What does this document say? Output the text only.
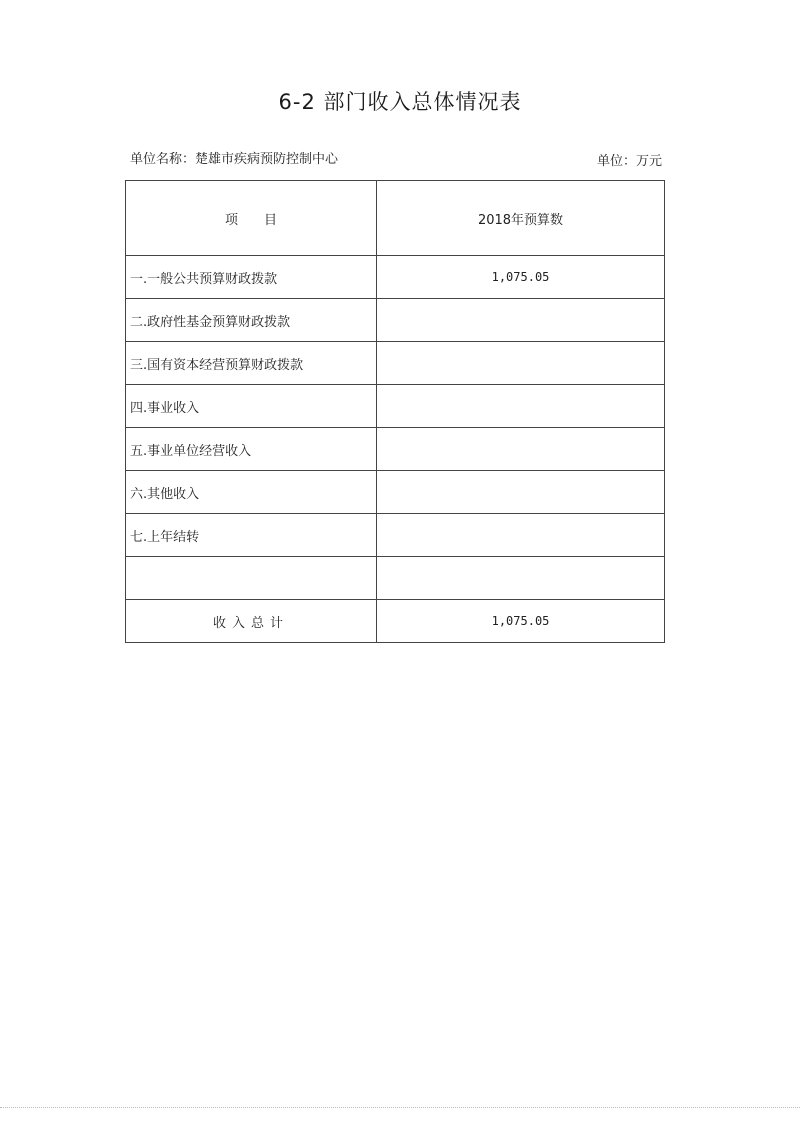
6-2 部门收入总体情况表
单位名称：楚雄市疾病预防控制中心	单位：万元
项　　目	2018年预算数
一.一般公共预算财政拨款	1,075.05
二.政府性基金预算财政拨款	
三.国有资本经营预算财政拨款	
四.事业收入	
五.事业单位经营收入	
六.其他收入	
七.上年结转	

收入总计	1,075.05
